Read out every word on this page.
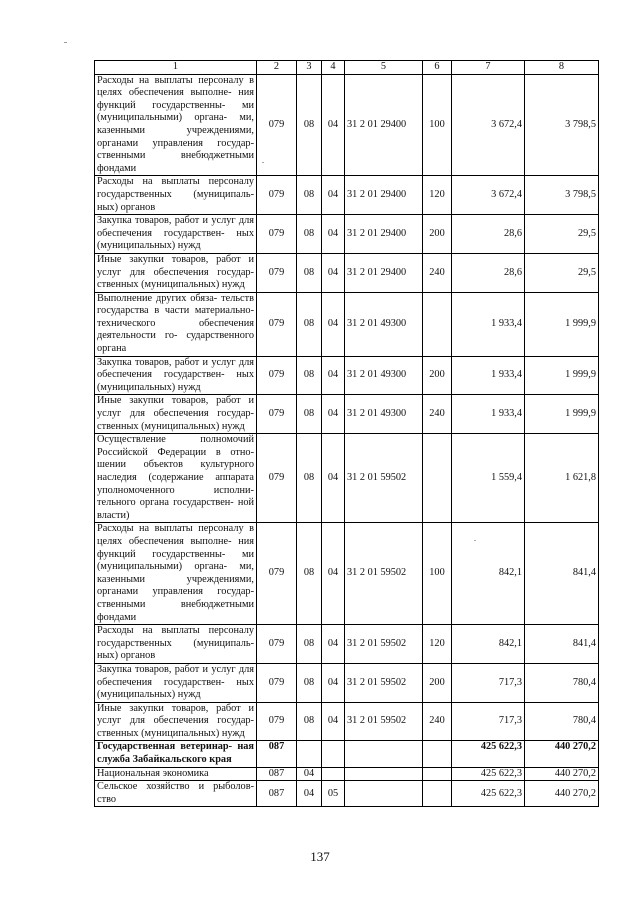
1	2	3	4	5	6	7	8
Расходы на выплаты персоналу в целях обеспечения выполне- ния функций государственны- ми (муниципальными) органа- ми, казенными учреждениями, органами управления государ- ственными внебюджетными фондами	079	08	04	31 2 01 29400	100	3 672,4	3 798,5
Расходы на выплаты персоналу государственных (муниципаль- ных) органов	079	08	04	31 2 01 29400	120	3 672,4	3 798,5
Закупка товаров, работ и услуг для обеспечения государствен- ных (муниципальных) нужд	079	08	04	31 2 01 29400	200	28,6	29,5
Иные закупки товаров, работ и услуг для обеспечения государ- ственных (муниципальных) нужд	079	08	04	31 2 01 29400	240	28,6	29,5
Выполнение других обяза- тельств государства в части материально-технического обеспечения деятельности го- сударственного органа	079	08	04	31 2 01 49300		1 933,4	1 999,9
Закупка товаров, работ и услуг для обеспечения государствен- ных (муниципальных) нужд	079	08	04	31 2 01 49300	200	1 933,4	1 999,9
Иные закупки товаров, работ и услуг для обеспечения государ- ственных (муниципальных) нужд	079	08	04	31 2 01 49300	240	1 933,4	1 999,9
Осуществление полномочий Российской Федерации в отно- шении объектов культурного наследия (содержание аппарата уполномоченного исполни- тельного органа государствен- ной власти)	079	08	04	31 2 01 59502		1 559,4	1 621,8
Расходы на выплаты персоналу в целях обеспечения выполне- ния функций государственны- ми (муниципальными) органа- ми, казенными учреждениями, органами управления государ- ственными внебюджетными фондами	079	08	04	31 2 01 59502	100	842,1	841,4
Расходы на выплаты персоналу государственных (муниципаль- ных) органов	079	08	04	31 2 01 59502	120	842,1	841,4
Закупка товаров, работ и услуг для обеспечения государствен- ных (муниципальных) нужд	079	08	04	31 2 01 59502	200	717,3	780,4
Иные закупки товаров, работ и услуг для обеспечения государ- ственных (муниципальных) нужд	079	08	04	31 2 01 59502	240	717,3	780,4
Государственная ветеринар- ная служба Забайкальского края	087					425 622,3	440 270,2
Национальная экономика	087	04				425 622,3	440 270,2
Сельское хозяйство и рыболов- ство	087	04	05			425 622,3	440 270,2
137
